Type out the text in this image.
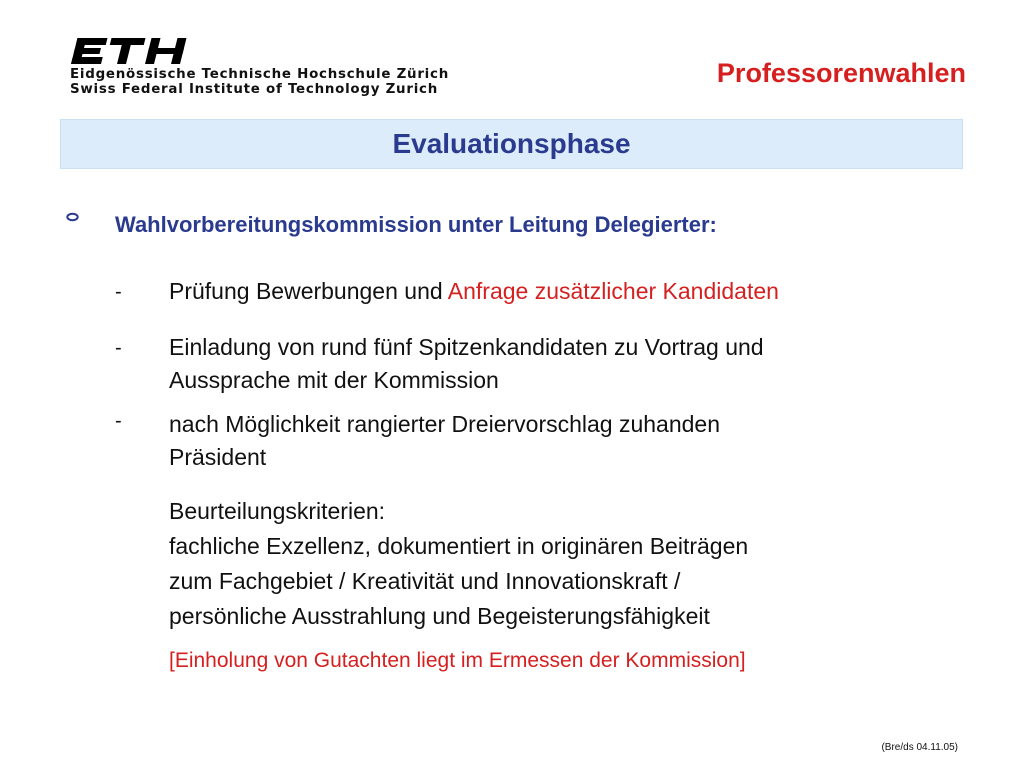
Eidgenössische Technische Hochschule Zürich
Swiss Federal Institute of Technology Zurich
Professorenwahlen
Evaluationsphase
Wahlvorbereitungskommission unter Leitung Delegierter:
- Prüfung Bewerbungen und Anfrage zusätzlicher Kandidaten
- Einladung von rund fünf Spitzenkandidaten zu Vortrag und
Aussprache mit der Kommission
- nach Möglichkeit rangierter Dreiervorschlag zuhanden
Präsident
Beurteilungskriterien:
fachliche Exzellenz, dokumentiert in originären Beiträgen
zum Fachgebiet / Kreativität und Innovationskraft /
persönliche Ausstrahlung und Begeisterungsfähigkeit
[Einholung von Gutachten liegt im Ermessen der Kommission]
(Bre/ds 04.11.05)
